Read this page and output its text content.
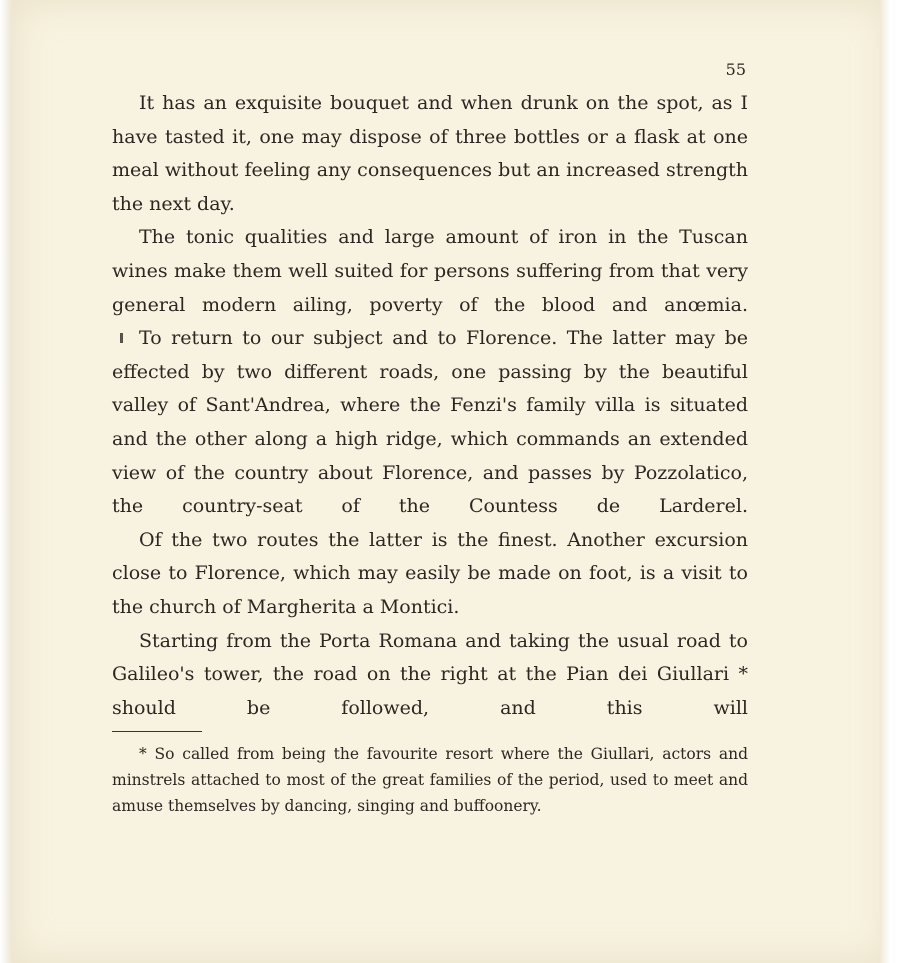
55

It has an exquisite bouquet and when drunk on the spot, as I have tasted it, one may dispose of three bottles or a flask at one meal without feeling any consequences but an increased strength the next day.

The tonic qualities and large amount of iron in the Tuscan wines make them well suited for persons suffering from that very general modern ailing, poverty of the blood and anœmia.

To return to our subject and to Florence. The latter may be effected by two different roads, one passing by the beautiful valley of Sant'Andrea, where the Fenzi's family villa is situated and the other along a high ridge, which commands an extended view of the country about Florence, and passes by Pozzolatico, the country-seat of the Countess de Larderel.

Of the two routes the latter is the finest. Another excursion close to Florence, which may easily be made on foot, is a visit to the church of Margherita a Montici.

Starting from the Porta Romana and taking the usual road to Galileo's tower, the road on the right at the Pian dei Giullari * should be followed, and this will

* So called from being the favourite resort where the Giullari, actors and minstrels attached to most of the great families of the period, used to meet and amuse themselves by dancing, singing and buffoonery.
